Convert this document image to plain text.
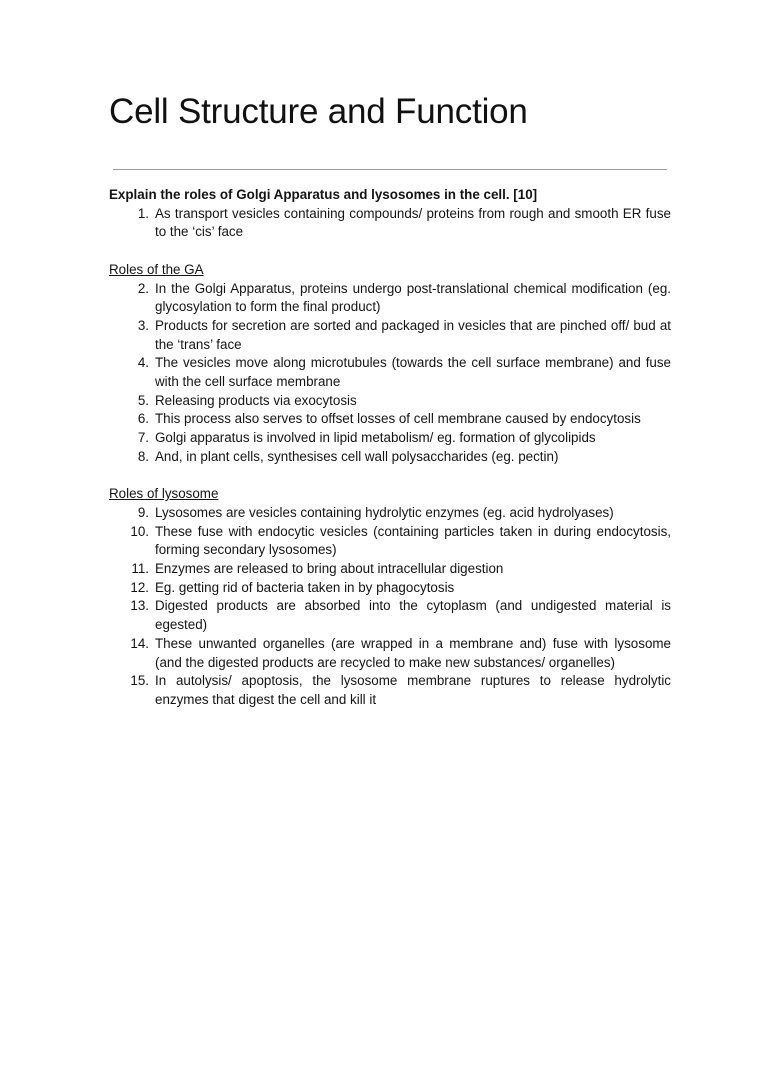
Cell Structure and Function

Explain the roles of Golgi Apparatus and lysosomes in the cell. [10]

1. As transport vesicles containing compounds/ proteins from rough and smooth ER fuse to the ‘cis’ face

Roles of the GA

2. In the Golgi Apparatus, proteins undergo post-translational chemical modification (eg. glycosylation to form the final product)
3. Products for secretion are sorted and packaged in vesicles that are pinched off/ bud at the ‘trans’ face
4. The vesicles move along microtubules (towards the cell surface membrane) and fuse with the cell surface membrane
5. Releasing products via exocytosis
6. This process also serves to offset losses of cell membrane caused by endocytosis
7. Golgi apparatus is involved in lipid metabolism/ eg. formation of glycolipids
8. And, in plant cells, synthesises cell wall polysaccharides (eg. pectin)

Roles of lysosome

9. Lysosomes are vesicles containing hydrolytic enzymes (eg. acid hydrolyases)
10. These fuse with endocytic vesicles (containing particles taken in during endocytosis, forming secondary lysosomes)
11. Enzymes are released to bring about intracellular digestion
12. Eg. getting rid of bacteria taken in by phagocytosis
13. Digested products are absorbed into the cytoplasm (and undigested material is egested)
14. These unwanted organelles (are wrapped in a membrane and) fuse with lysosome (and the digested products are recycled to make new substances/ organelles)
15. In autolysis/ apoptosis, the lysosome membrane ruptures to release hydrolytic enzymes that digest the cell and kill it
